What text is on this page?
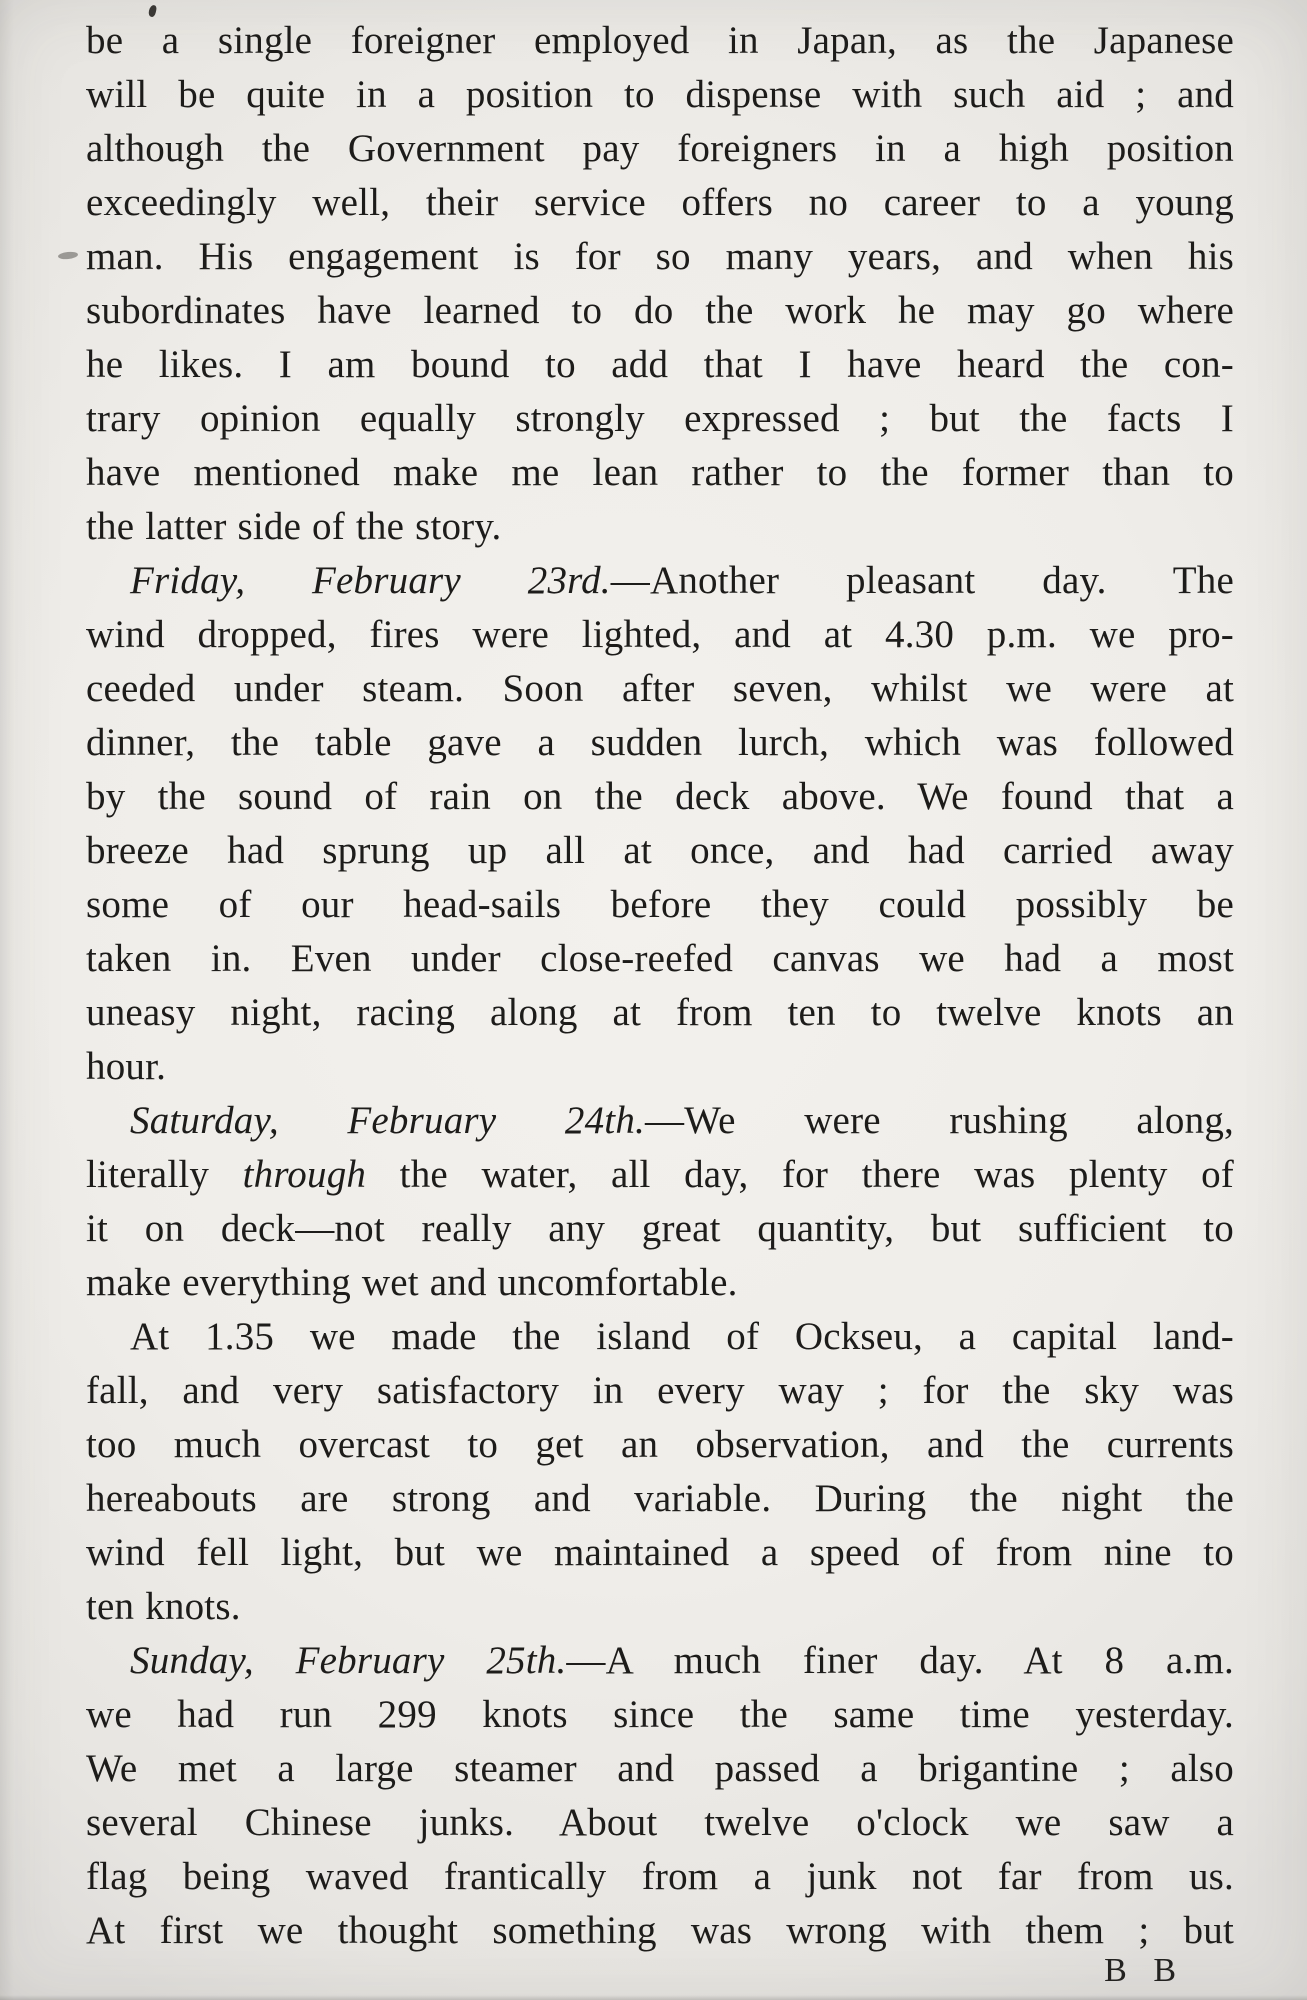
be a single foreigner employed in Japan, as the Japanese
will be quite in a position to dispense with such aid ; and
although the Government pay foreigners in a high position
exceedingly well, their service offers no career to a young
man. His engagement is for so many years, and when his
subordinates have learned to do the work he may go where
he likes. I am bound to add that I have heard the con-
trary opinion equally strongly expressed ; but the facts I
have mentioned make me lean rather to the former than to
the latter side of the story.
Friday, February 23rd.—Another pleasant day. The
wind dropped, fires were lighted, and at 4.30 p.m. we pro-
ceeded under steam. Soon after seven, whilst we were at
dinner, the table gave a sudden lurch, which was followed
by the sound of rain on the deck above. We found that a
breeze had sprung up all at once, and had carried away
some of our head-sails before they could possibly be
taken in. Even under close-reefed canvas we had a most
uneasy night, racing along at from ten to twelve knots an
hour.
Saturday, February 24th.—We were rushing along,
literally through the water, all day, for there was plenty of
it on deck—not really any great quantity, but sufficient to
make everything wet and uncomfortable.
At 1.35 we made the island of Ockseu, a capital land-
fall, and very satisfactory in every way ; for the sky was
too much overcast to get an observation, and the currents
hereabouts are strong and variable. During the night the
wind fell light, but we maintained a speed of from nine to
ten knots.
Sunday, February 25th.—A much finer day. At 8 a.m.
we had run 299 knots since the same time yesterday.
We met a large steamer and passed a brigantine ; also
several Chinese junks. About twelve o'clock we saw a
flag being waved frantically from a junk not far from us.
At first we thought something was wrong with them ; but
B B
